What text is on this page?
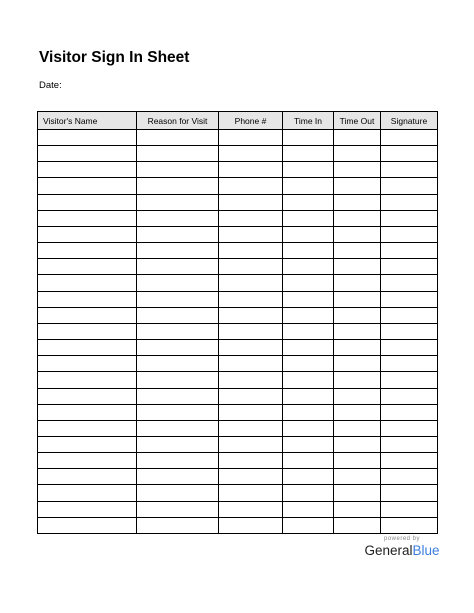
Visitor Sign In Sheet
Date:
Visitor's Name	Reason for Visit	Phone #	Time In	Time Out	Signature

powered by
GeneralBlue
